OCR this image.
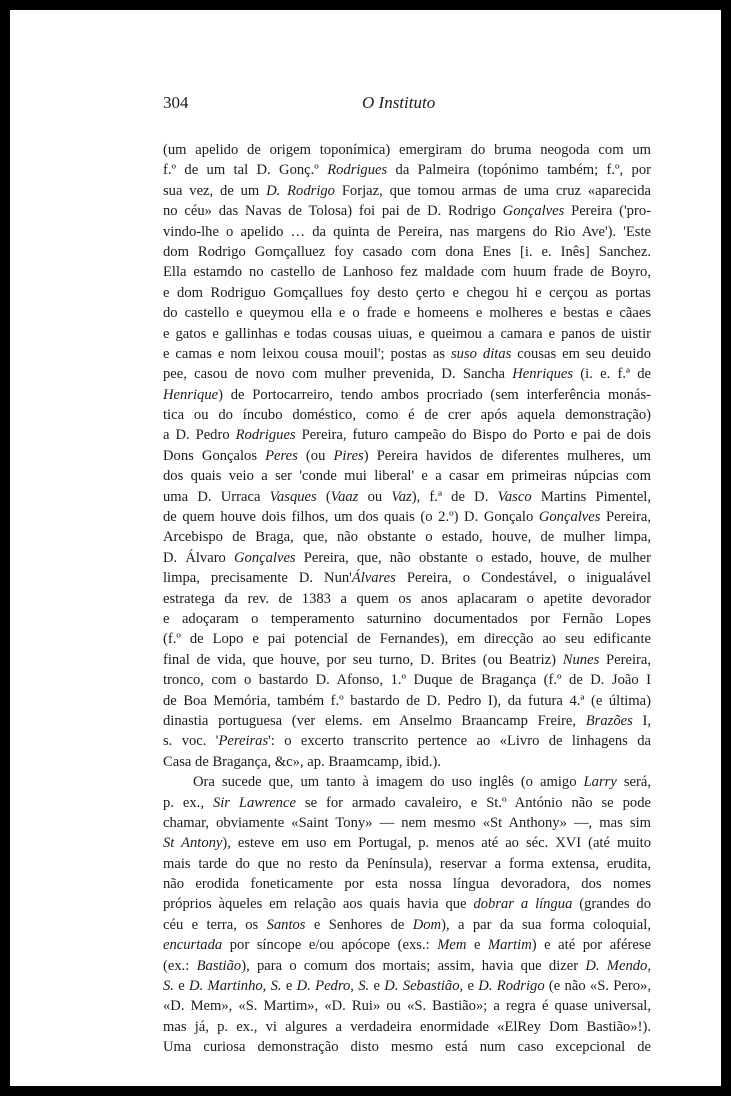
304	O Instituto
(um apelido de origem toponímica) emergiram do bruma neogoda com um
f.º de um tal D. Gonç.º Rodrigues da Palmeira (topónimo também; f.º, por
sua vez, de um D. Rodrigo Forjaz, que tomou armas de uma cruz «aparecida
no céu» das Navas de Tolosa) foi pai de D. Rodrigo Gonçalves Pereira ('pro-
vindo-lhe o apelido … da quinta de Pereira, nas margens do Rio Ave'). 'Este
dom Rodrigo Gomçalluez foy casado com dona Enes [i. e. Inês] Sanchez.
Ella estamdo no castello de Lanhoso fez maldade com huum frade de Boyro,
e dom Rodriguo Gomçallues foy desto çerto e chegou hi e cerçou as portas
do castello e queymou ella e o frade e homeens e molheres e bestas e cãaes
e gatos e gallinhas e todas cousas uiuas, e queimou a camara e panos de uistir
e camas e nom leixou cousa mouil'; postas as suso ditas cousas em seu deuido
pee, casou de novo com mulher prevenida, D. Sancha Henriques (i. e. f.ª de
Henrique) de Portocarreiro, tendo ambos procriado (sem interferência monás-
tica ou do íncubo doméstico, como é de crer após aquela demonstração)
a D. Pedro Rodrigues Pereira, futuro campeão do Bispo do Porto e pai de dois
Dons Gonçalos Peres (ou Pires) Pereira havidos de diferentes mulheres, um
dos quais veio a ser 'conde mui liberal' e a casar em primeiras núpcias com
uma D. Urraca Vasques (Vaaz ou Vaz), f.ª de D. Vasco Martins Pimentel,
de quem houve dois filhos, um dos quais (o 2.º) D. Gonçalo Gonçalves Pereira,
Arcebispo de Braga, que, não obstante o estado, houve, de mulher limpa,
D. Álvaro Gonçalves Pereira, que, não obstante o estado, houve, de mulher
limpa, precisamente D. Nun'Álvares Pereira, o Condestável, o inigualável
estratega da rev. de 1383 a quem os anos aplacaram o apetite devorador
e adoçaram o temperamento saturnino documentados por Fernão Lopes
(f.º de Lopo e pai potencial de Fernandes), em direcção ao seu edificante
final de vida, que houve, por seu turno, D. Brites (ou Beatriz) Nunes Pereira,
tronco, com o bastardo D. Afonso, 1.º Duque de Bragança (f.º de D. João I
de Boa Memória, também f.º bastardo de D. Pedro I), da futura 4.ª (e última)
dinastia portuguesa (ver elems. em Anselmo Braancamp Freire, Brazões I,
s. voc. 'Pereiras': o excerto transcrito pertence ao «Livro de linhagens da
Casa de Bragança, &c», ap. Braamcamp, ibid.).
Ora sucede que, um tanto à imagem do uso inglês (o amigo Larry será,
p. ex., Sir Lawrence se for armado cavaleiro, e St.º António não se pode
chamar, obviamente «Saint Tony» — nem mesmo «St Anthony» —, mas sim
St Antony), esteve em uso em Portugal, p. menos até ao séc. XVI (até muito
mais tarde do que no resto da Península), reservar a forma extensa, erudita,
não erodida foneticamente por esta nossa língua devoradora, dos nomes
próprios àqueles em relação aos quais havia que dobrar a língua (grandes do
céu e terra, os Santos e Senhores de Dom), a par da sua forma coloquial,
encurtada por síncope e/ou apócope (exs.: Mem e Martim) e até por aférese
(ex.: Bastião), para o comum dos mortais; assim, havia que dizer D. Mendo,
S. e D. Martinho, S. e D. Pedro, S. e D. Sebastião, e D. Rodrigo (e não «S. Pero»,
«D. Mem», «S. Martim», «D. Rui» ou «S. Bastião»; a regra é quase universal,
mas já, p. ex., vi algures a verdadeira enormidade «ElRey Dom Bastião»!).
Uma curiosa demonstração disto mesmo está num caso excepcional de
